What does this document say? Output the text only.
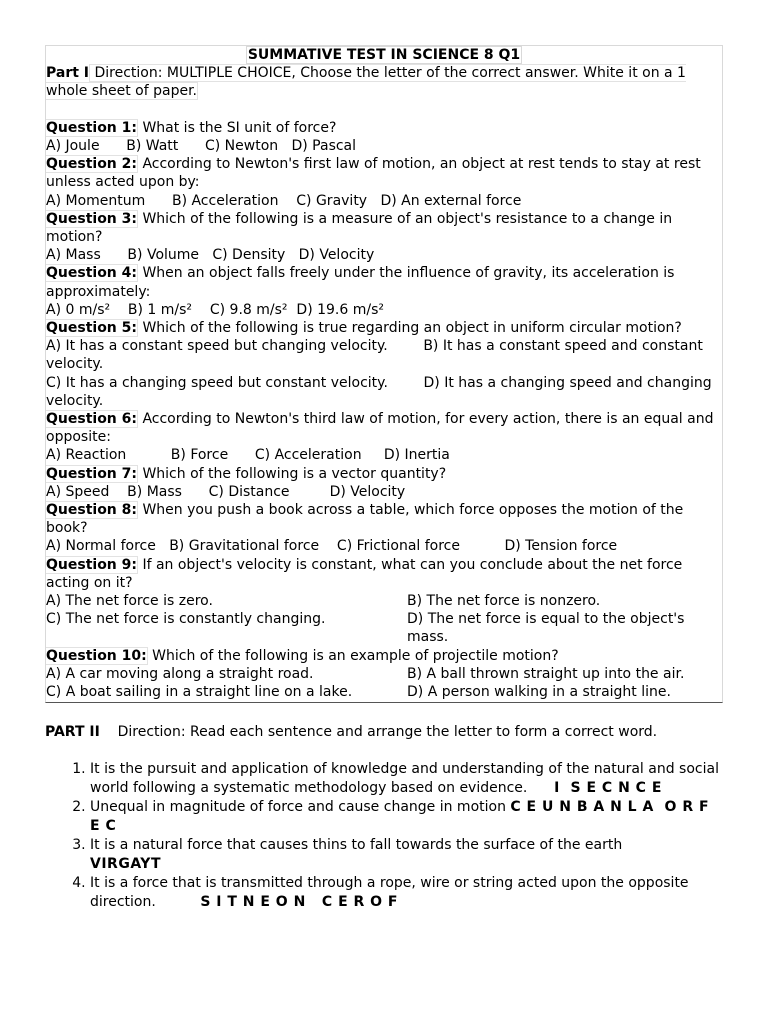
SUMMATIVE TEST IN SCIENCE 8 Q1
Part I Direction: MULTIPLE CHOICE, Choose the letter of the correct answer. White it on a 1 whole sheet of paper.
Question 1: What is the SI unit of force?
A) Joule      B) Watt      C) Newton   D) Pascal
Question 2: According to Newton's first law of motion, an object at rest tends to stay at rest unless acted upon by:
A) Momentum      B) Acceleration    C) Gravity   D) An external force
Question 3: Which of the following is a measure of an object's resistance to a change in motion?
A) Mass      B) Volume   C) Density   D) Velocity
Question 4: When an object falls freely under the influence of gravity, its acceleration is approximately:
A) 0 m/s²    B) 1 m/s²    C) 9.8 m/s²  D) 19.6 m/s²
Question 5: Which of the following is true regarding an object in uniform circular motion?
A) It has a constant speed but changing velocity.        B) It has a constant speed and constant velocity.
C) It has a changing speed but constant velocity.        D) It has a changing speed and changing velocity.
Question 6: According to Newton's third law of motion, for every action, there is an equal and opposite:
A) Reaction          B) Force      C) Acceleration     D) Inertia
Question 7: Which of the following is a vector quantity?
A) Speed    B) Mass      C) Distance         D) Velocity
Question 8: When you push a book across a table, which force opposes the motion of the book?
A) Normal force   B) Gravitational force    C) Frictional force          D) Tension force
Question 9: If an object's velocity is constant, what can you conclude about the net force acting on it?
A) The net force is zero.	B) The net force is nonzero.
C) The net force is constantly changing.	D) The net force is equal to the object's mass.
Question 10: Which of the following is an example of projectile motion?
A) A car moving along a straight road.	B) A ball thrown straight up into the air.
C) A boat sailing in a straight line on a lake.	D) A person walking in a straight line.
PART II    Direction: Read each sentence and arrange the letter to form a correct word.
1. It is the pursuit and application of knowledge and understanding of the natural and social world following a systematic methodology based on evidence.      I  S E C N C E
2. Unequal in magnitude of force and cause change in motion C E U N B A N L A  O R F E C
3. It is a natural force that causes thins to fall towards the surface of the earth              VIRGAYT
4. It is a force that is transmitted through a rope, wire or string acted upon the opposite direction.          S I T N E O N   C E R O F
